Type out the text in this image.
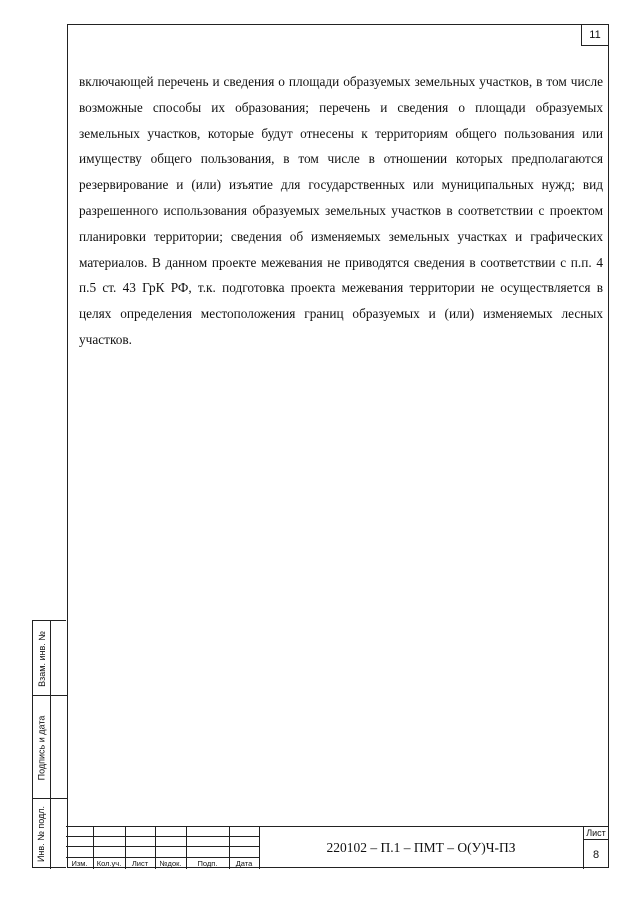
11

включающей перечень и сведения о площади образуемых земельных участков, в том числе возможные способы их образования; перечень и сведения о площади образуемых земельных участков, которые будут отнесены к территориям общего пользования или имуществу общего пользования, в том числе в отношении которых предполагаются резервирование и (или) изъятие для государственных или муниципальных нужд; вид разрешенного использования образуемых земельных участков в соответствии с проектом планировки территории; сведения об изменяемых земельных участках и графических материалов. В данном проекте межевания не приводятся сведения в соответствии с п.п. 4 п.5 ст. 43 ГрК РФ, т.к. подготовка проекта межевания территории не осуществляется в целях определения местоположения границ образуемых и (или) изменяемых лесных участков.

Взам. инв. №
Подпись и дата
Инв. № подл.
Изм.	Кол.уч.	Лист	№док.	Подп.	Дата
220102 – П.1 – ПМТ – О(У)Ч-ПЗ
Лист
8
